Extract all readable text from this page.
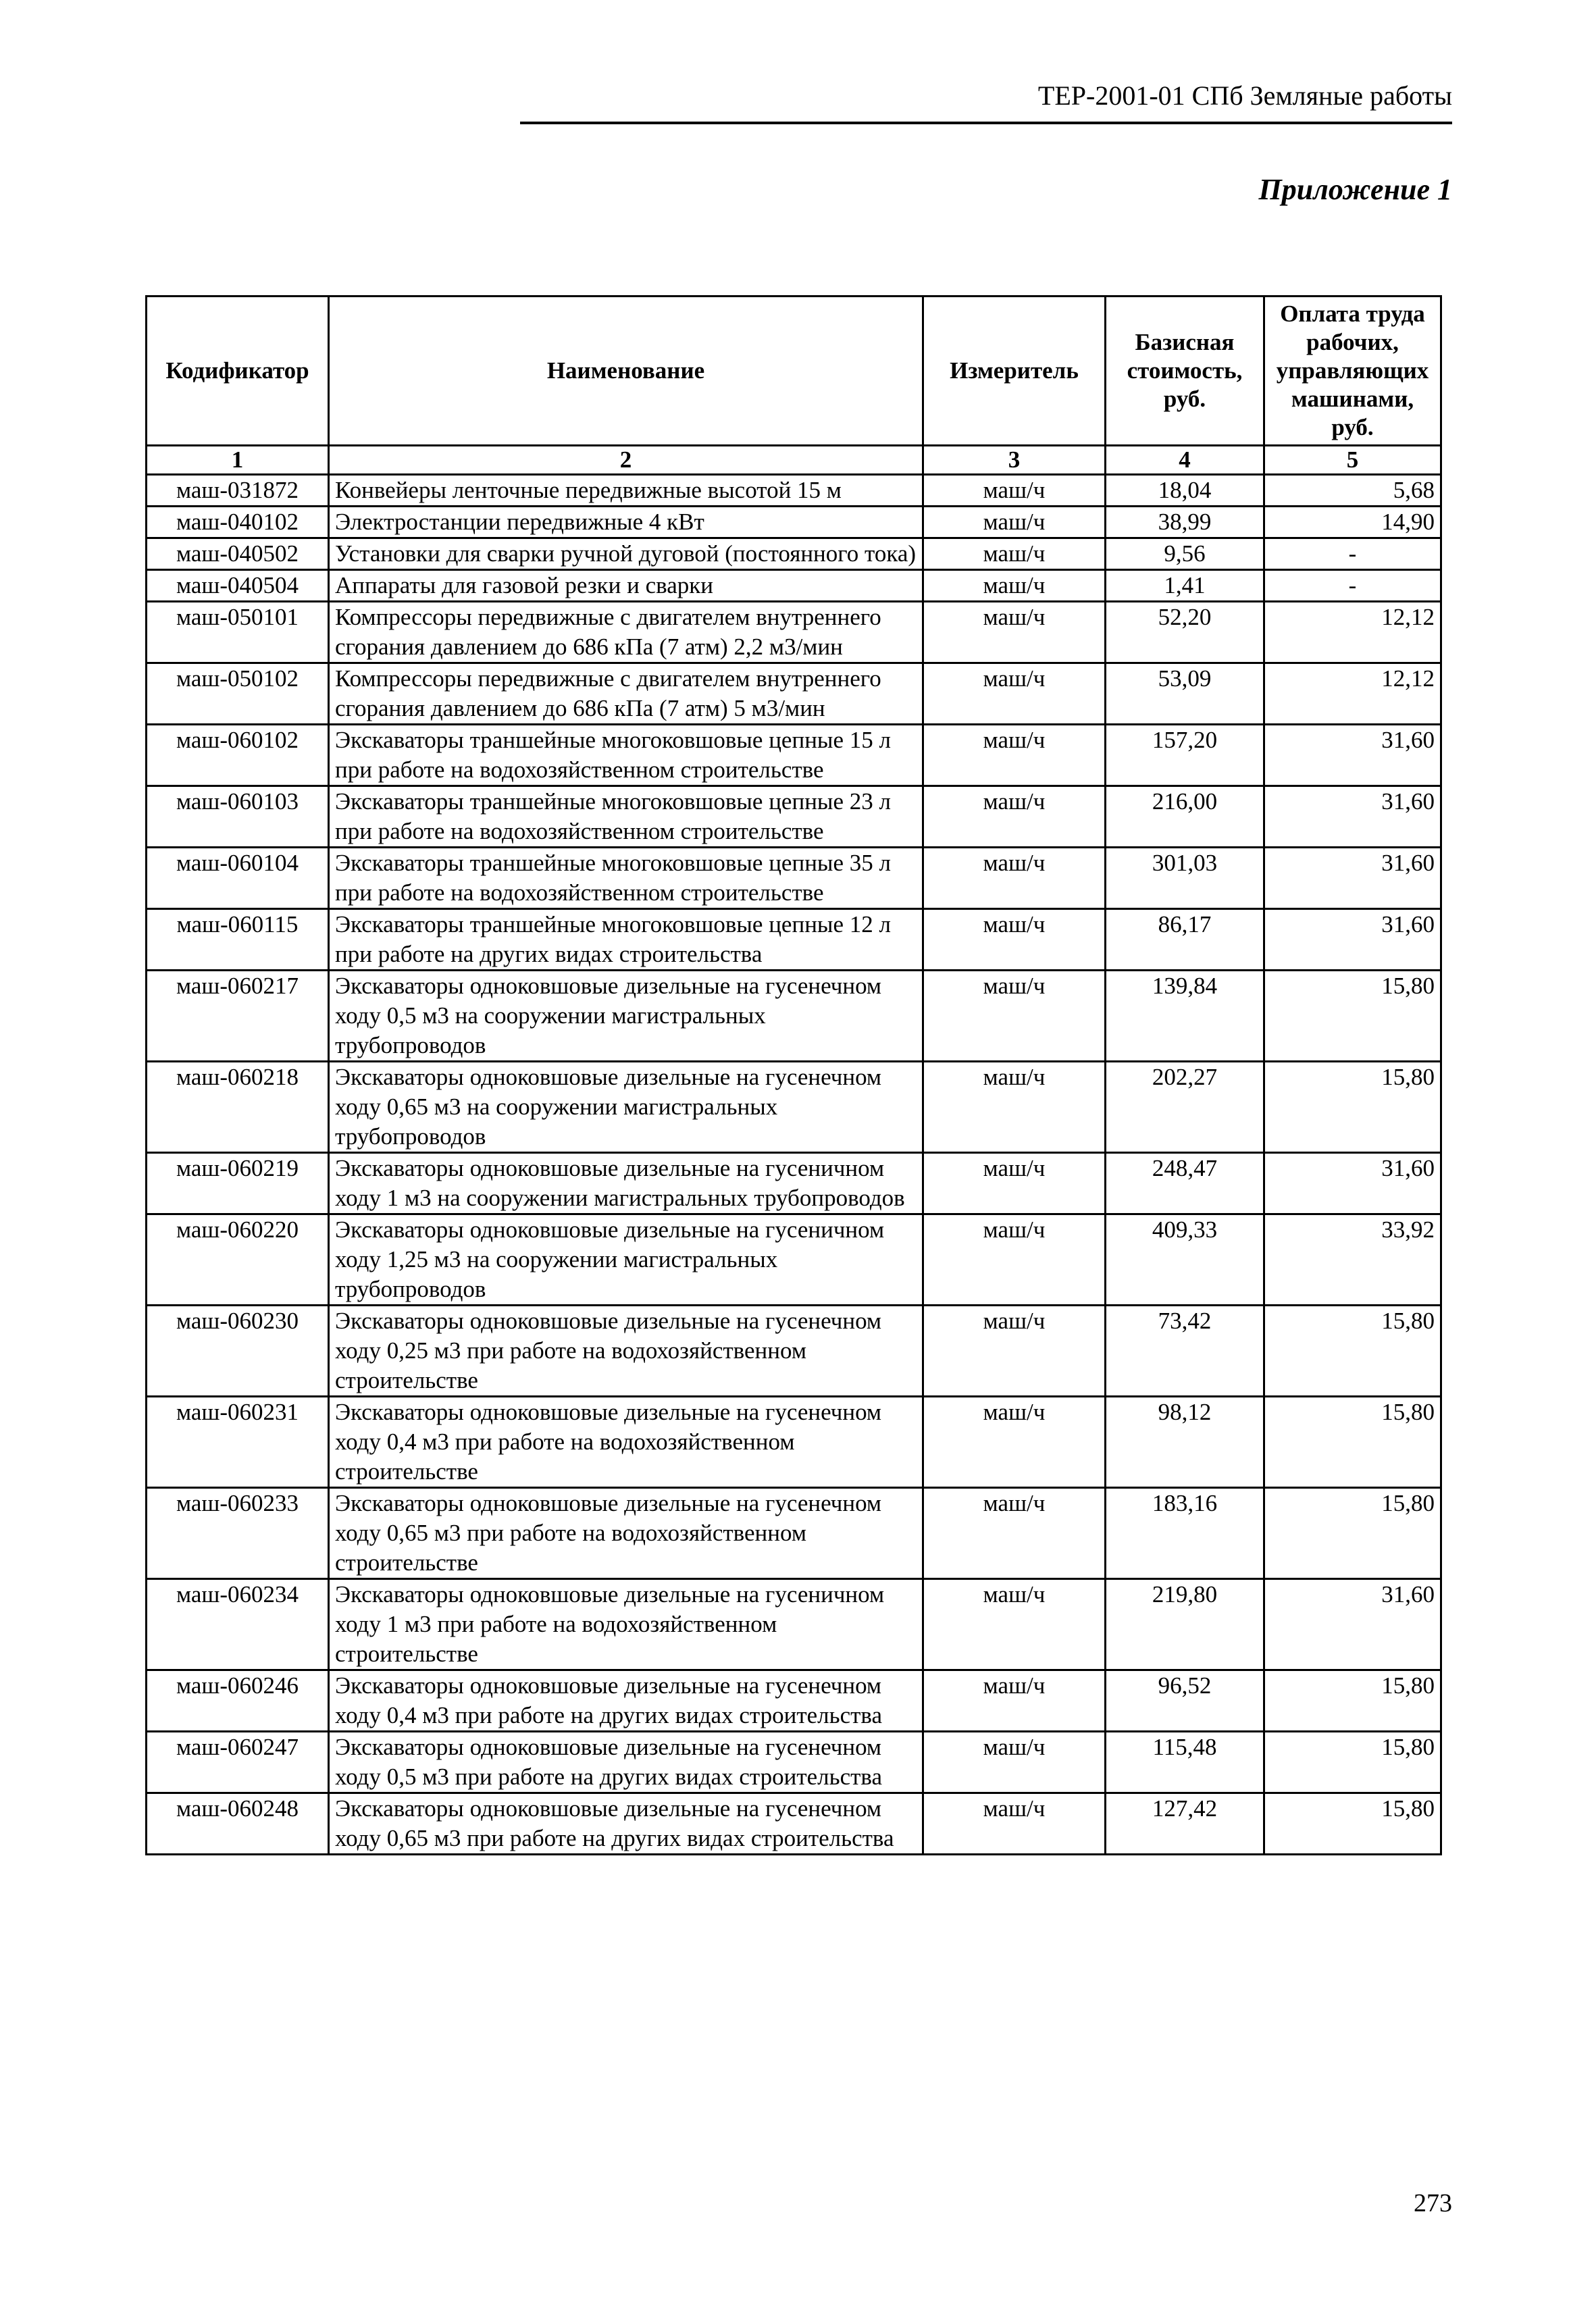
ТЕР-2001-01 СПб Земляные работы
Приложение 1
Кодификатор	Наименование	Измеритель	Базисная стоимость, руб.	Оплата труда рабочих, управляющих машинами, руб.
1	2	3	4	5
маш-031872	Конвейеры ленточные передвижные высотой 15 м	маш/ч	18,04	5,68
маш-040102	Электростанции передвижные 4 кВт	маш/ч	38,99	14,90
маш-040502	Установки для сварки ручной дуговой (постоянного тока)	маш/ч	9,56	-
маш-040504	Аппараты для газовой резки и сварки	маш/ч	1,41	-
маш-050101	Компрессоры передвижные с двигателем внутреннего сгорания давлением до 686 кПа (7 атм) 2,2 м3/мин	маш/ч	52,20	12,12
маш-050102	Компрессоры передвижные с двигателем внутреннего сгорания давлением до 686 кПа (7 атм) 5 м3/мин	маш/ч	53,09	12,12
маш-060102	Экскаваторы траншейные многоковшовые цепные 15 л при работе на водохозяйственном строительстве	маш/ч	157,20	31,60
маш-060103	Экскаваторы траншейные многоковшовые цепные 23 л при работе на водохозяйственном строительстве	маш/ч	216,00	31,60
маш-060104	Экскаваторы траншейные многоковшовые цепные 35 л при работе на водохозяйственном строительстве	маш/ч	301,03	31,60
маш-060115	Экскаваторы траншейные многоковшовые цепные 12 л при работе на других видах строительства	маш/ч	86,17	31,60
маш-060217	Экскаваторы одноковшовые дизельные на гусенечном ходу 0,5 м3 на сооружении магистральных трубопроводов	маш/ч	139,84	15,80
маш-060218	Экскаваторы одноковшовые дизельные на гусенечном ходу 0,65 м3 на сооружении магистральных трубопроводов	маш/ч	202,27	15,80
маш-060219	Экскаваторы одноковшовые дизельные на гусеничном ходу 1 м3 на сооружении магистральных трубопроводов	маш/ч	248,47	31,60
маш-060220	Экскаваторы одноковшовые дизельные на гусеничном ходу 1,25 м3 на сооружении магистральных трубопроводов	маш/ч	409,33	33,92
маш-060230	Экскаваторы одноковшовые дизельные на гусенечном ходу 0,25 м3 при работе на водохозяйственном строительстве	маш/ч	73,42	15,80
маш-060231	Экскаваторы одноковшовые дизельные на гусенечном ходу 0,4 м3 при работе на водохозяйственном строительстве	маш/ч	98,12	15,80
маш-060233	Экскаваторы одноковшовые дизельные на гусенечном ходу 0,65 м3 при работе на водохозяйственном строительстве	маш/ч	183,16	15,80
маш-060234	Экскаваторы одноковшовые дизельные на гусеничном ходу 1 м3 при работе на водохозяйственном строительстве	маш/ч	219,80	31,60
маш-060246	Экскаваторы одноковшовые дизельные на гусенечном ходу 0,4 м3 при работе на других видах строительства	маш/ч	96,52	15,80
маш-060247	Экскаваторы одноковшовые дизельные на гусенечном ходу 0,5 м3 при работе на других видах строительства	маш/ч	115,48	15,80
маш-060248	Экскаваторы одноковшовые дизельные на гусенечном ходу 0,65 м3 при работе на других видах строительства	маш/ч	127,42	15,80
273
